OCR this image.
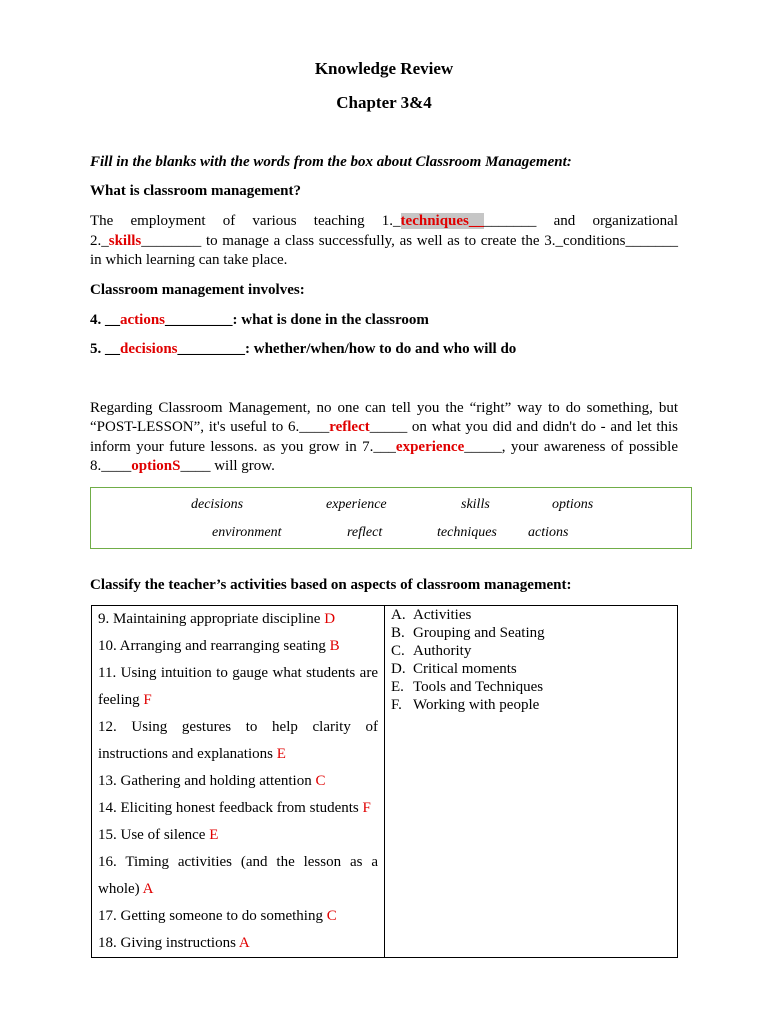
Knowledge Review
Chapter 3&4
Fill in the blanks with the words from the box about Classroom Management:
What is classroom management?
The employment of various teaching 1._techniques_________ and organizational
2._skills________ to manage a class successfully, as well as to create the 3._conditions_______
in which learning can take place.
Classroom management involves:
4. __actions_________: what is done in the classroom
5. __decisions_________: whether/when/how to do and who will do
Regarding Classroom Management, no one can tell you the “right” way to do something, but
“POST-LESSON”, it's useful to 6.____reflect_____ on what you did and didn't do - and let this
inform your future lessons. as you grow in 7.___experience_____, your awareness of possible
8.____optionS____ will grow.
Classify the teacher’s activities based on aspects of classroom management:
decisions	experience	skills	options
environment	reflect	techniques actions
9. Maintaining appropriate discipline D
10. Arranging and rearranging seating B
11. Using intuition to gauge what students are feeling F
12. Using gestures to help clarity of instructions and explanations E
13. Gathering and holding attention C
14. Eliciting honest feedback from students F
15. Use of silence E
16. Timing activities (and the lesson as a whole) A
17. Getting someone to do something C
18. Giving instructions A

A. Activities
B. Grouping and Seating
C. Authority
D. Critical moments
E. Tools and Techniques
F. Working with people
